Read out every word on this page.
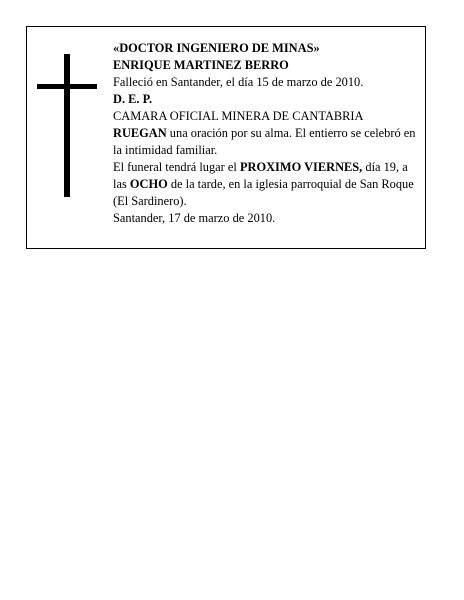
«DOCTOR INGENIERO DE MINAS»

ENRIQUE MARTINEZ BERRO

Falleció en Santander, el día 15 de marzo de 2010.

D. E. P.

CAMARA OFICIAL MINERA DE CANTABRIA

RUEGAN una oración por su alma. El entierro se celebró en la intimidad familiar.

El funeral tendrá lugar el PROXIMO VIERNES, día 19, a las OCHO de la tarde, en la iglesia parroquial de San Roque (El Sardinero).

Santander, 17 de marzo de 2010.
